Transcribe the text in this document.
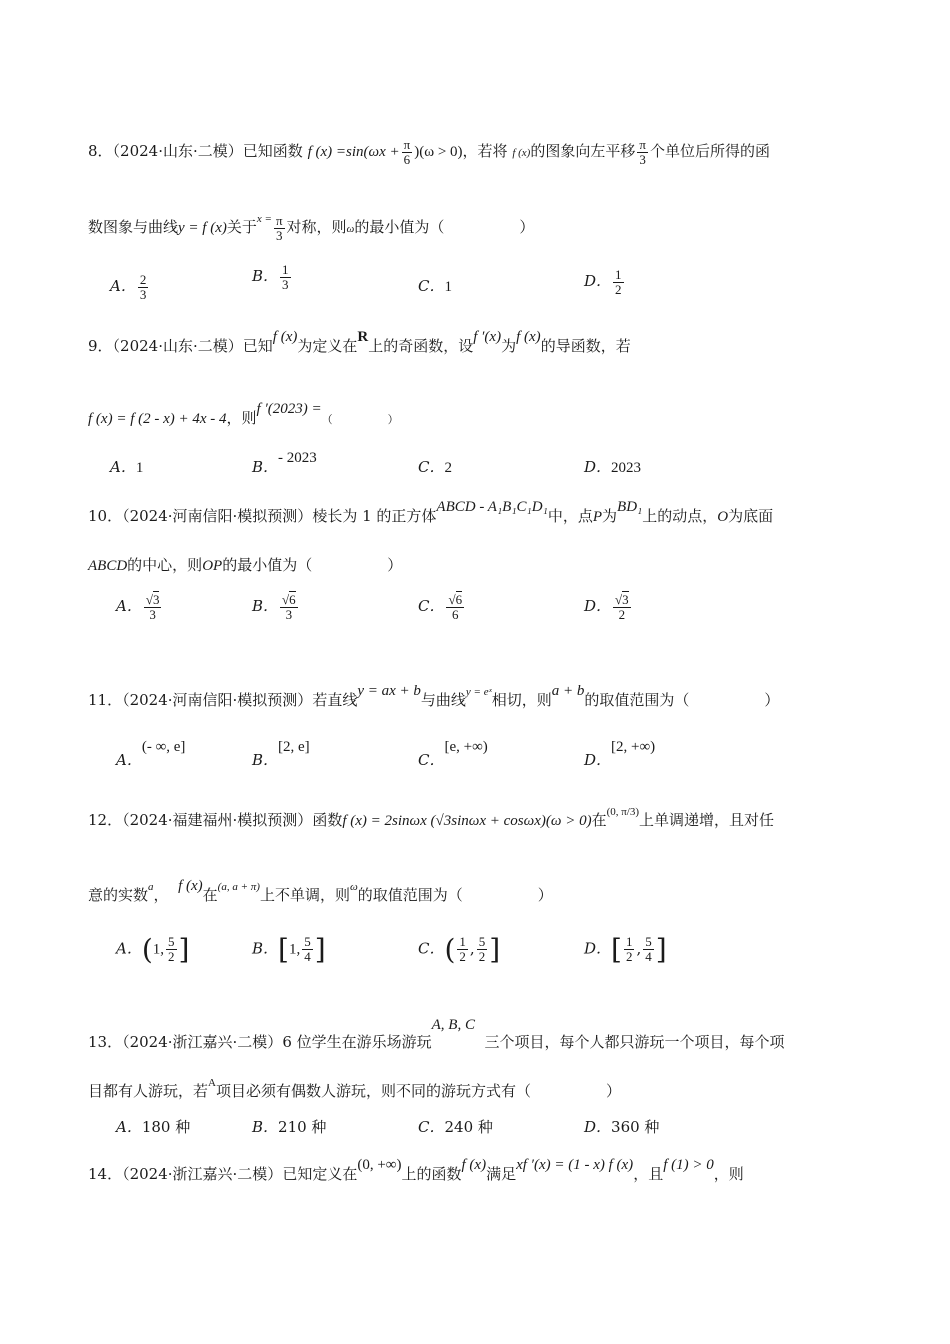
8．（2024·山东·二模）已知函数 f $(x) =\sin(\omega x + \frac{\pi}{6} )(\omega > 0)$，若将 f (x)的图象向左平移 $\frac{\pi}{3}$ 个单位后所得的函
数图象与曲线y = f (x)关于$^{x =} \frac{\pi}{3}$ 对称，则ω的最小值为（　　　　　）
A． $\frac{2}{3}$	B． $\frac{1}{3}$	C．1	D． $\frac{1}{2}$
9．（2024·山东·二模）已知f (x)为定义在R上的奇函数，设f ′(x)为f (x)的导函数，若
f (x) = f (2 - x) + 4x - 4，则f ′(2023) =（　　　　　）
A．1	B．- 2023	C．2	D．2023
10．（2024·河南信阳·模拟预测）棱长为 1 的正方体ABCD - A₁B₁C₁D₁中，点P为BD₁上的动点，O为底面
ABCD的中心，则OP的最小值为（　　　　　）
A． $\frac{√3}{3}$	B． $\frac{√6}{3}$	C． $\frac{√6}{6}$	D． $\frac{√3}{2}$
11．（2024·河南信阳·模拟预测）若直线y = ax + b与曲线$^{y = eˣ}$相切，则a + b的取值范围为（　　　　　）
A．(- ∞, e]
B．[2, e]
C．[e, +∞)
D．[2, +∞)
12．（2024·福建福州·模拟预测）函数f (x) = 2sinωx (√3sinωx + cosωx)(ω > 0)在$^{(0, \pi/3)}$上单调递增，且对任
意的实数$^a$， f (x)在$^{(a, a + \pi)}$上不单调，则$^\omega$的取值范围为（　　　　　）
A．(1, $\frac{5}{2}$ ]	B．[1, $\frac{5}{4}$ ]	C．( $\frac{1}{2}$ , $\frac{5}{2}$ ]	D．[ $\frac{1}{2}$ , $\frac{5}{4}$ ]
13．（2024·浙江嘉兴·二模）6 位学生在游乐场游玩A, B, C  三个项目，每个人都只游玩一个项目，每个项
目都有人游玩，若$^A$项目必须有偶数人游玩，则不同的游玩方式有（　　　　　）
A．180 种	B．210 种	C．240 种	D．360 种
14．（2024·浙江嘉兴·二模）已知定义在(0, +∞)上的函数f (x)满足xf ′(x) = (1 - x) f (x)，且f (1) > 0，则
